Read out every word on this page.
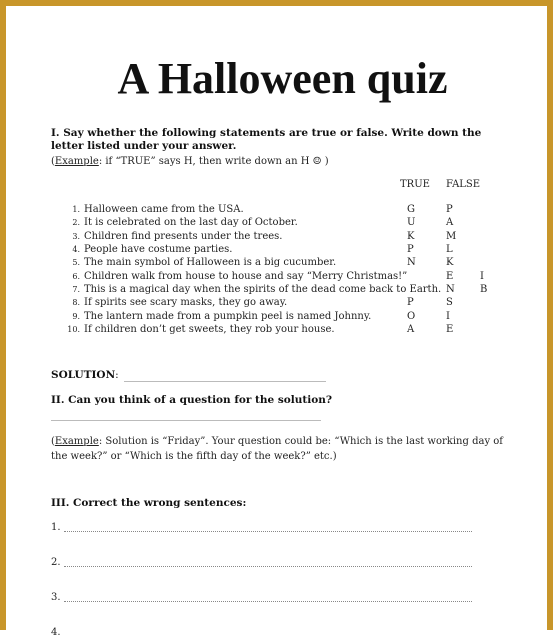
A Halloween quiz
I. Say whether the following statements are true or false. Write down the letter listed under your answer.
(Example: if “TRUE” says H, then write down an H ☺ )
TRUE FALSE
1. Halloween came from the USA.	G	P
2. It is celebrated on the last day of October.	U	A
3. Children find presents under the trees.	K	M
4. People have costume parties.	P	L
5. The main symbol of Halloween is a big cucumber.	N	K
6. Children walk from house to house and say “Merry Christmas!”	E	I
7. This is a magical day when the spirits of the dead come back to Earth. N	B
8. If spirits see scary masks, they go away.	P	S
9. The lantern made from a pumpkin peel is named Johnny.	O	I
10. If children don’t get sweets, they rob your house.	A	E
SOLUTION:
II. Can you think of a question for the solution?
(Example: Solution is “Friday”. Your question could be: “Which is the last working day of the week?” or “Which is the fifth day of the week?” etc.)
III. Correct the wrong sentences:
1.
2.
3.
4.
